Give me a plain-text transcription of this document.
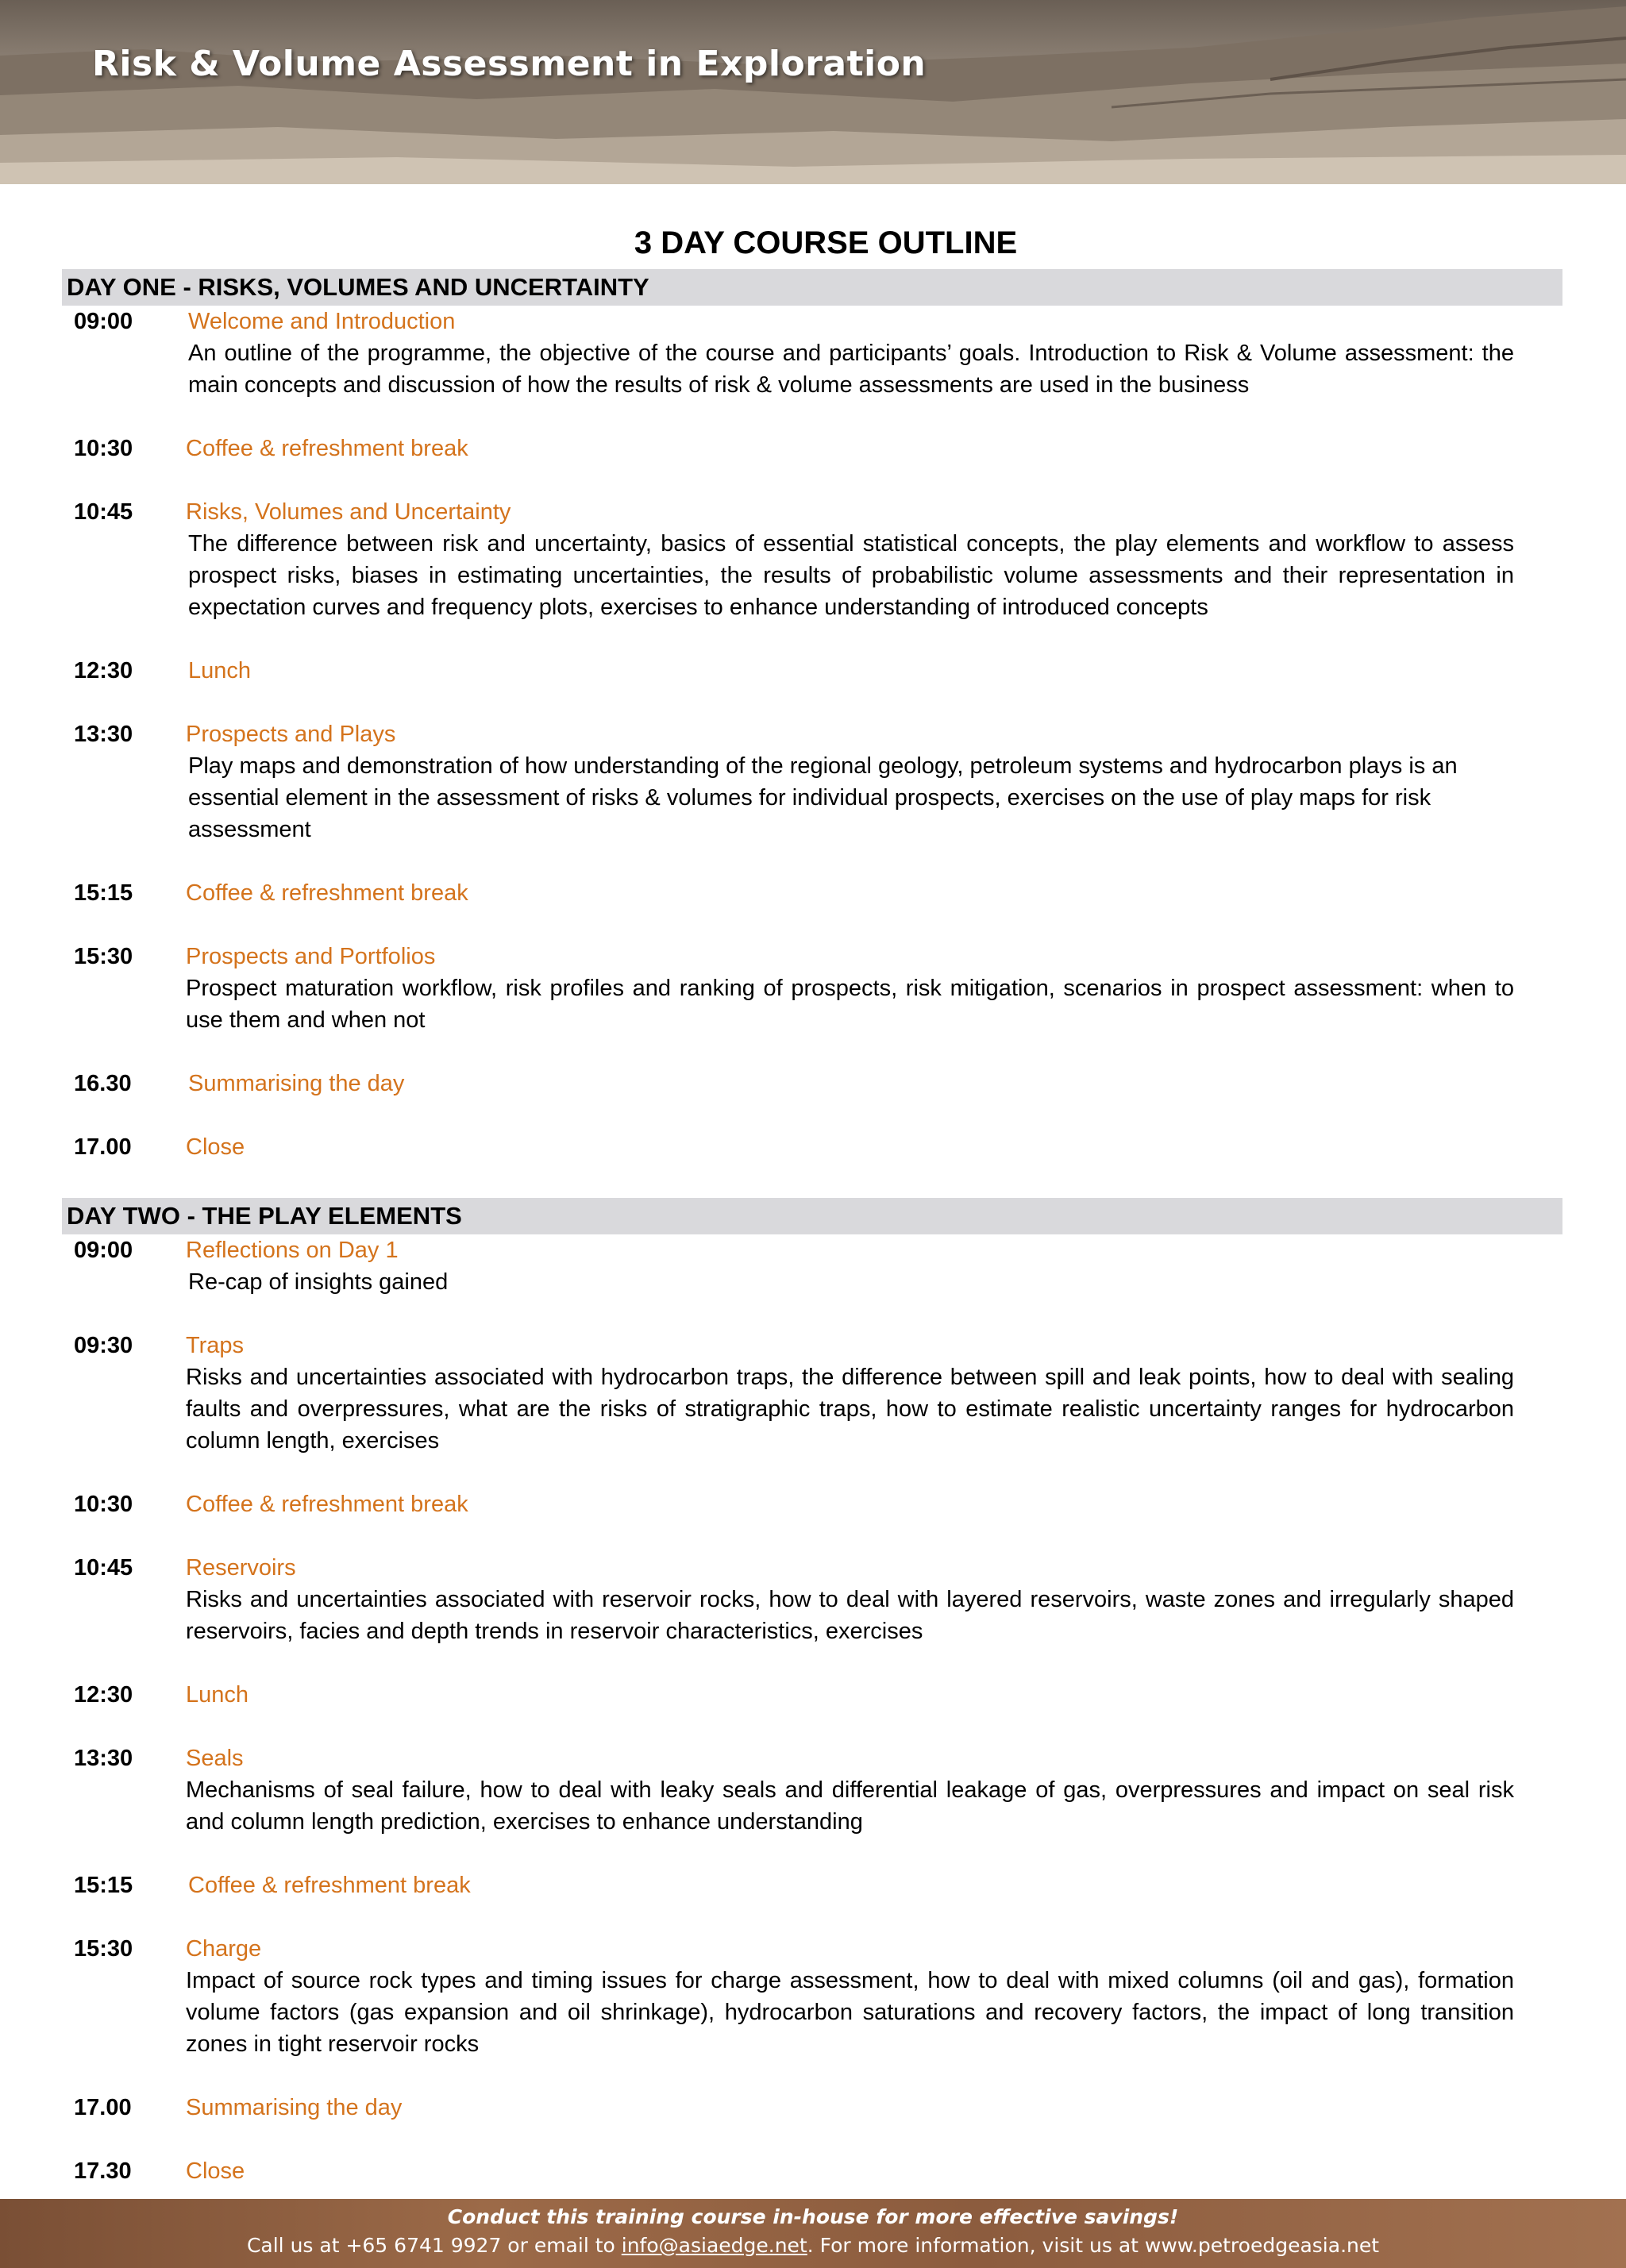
Risk & Volume Assessment in Exploration
3 DAY COURSE OUTLINE
DAY ONE - RISKS, VOLUMES AND UNCERTAINTY
09:00 Welcome and Introduction
An outline of the programme, the objective of the course and participants’ goals. Introduction to Risk & Volume assessment: the main concepts and discussion of how the results of risk & volume assessments are used in the business
10:30 Coffee & refreshment break
10:45 Risks, Volumes and Uncertainty
The difference between risk and uncertainty, basics of essential statistical concepts, the play elements and workflow to assess prospect risks, biases in estimating uncertainties, the results of probabilistic volume assessments and their representation in expectation curves and frequency plots, exercises to enhance understanding of introduced concepts
12:30 Lunch
13:30 Prospects and Plays
Play maps and demonstration of how understanding of the regional geology, petroleum systems and hydrocarbon plays is an essential element in the assessment of risks & volumes for individual prospects, exercises on the use of play maps for risk assessment
15:15 Coffee & refreshment break
15:30 Prospects and Portfolios
Prospect maturation workflow, risk profiles and ranking of prospects, risk mitigation, scenarios in prospect assessment: when to use them and when not
16.30 Summarising the day
17.00 Close
DAY TWO - THE PLAY ELEMENTS
09:00 Reflections on Day 1
Re-cap of insights gained
09:30 Traps
Risks and uncertainties associated with hydrocarbon traps, the difference between spill and leak points, how to deal with sealing faults and overpressures, what are the risks of stratigraphic traps, how to estimate realistic uncertainty ranges for hydrocarbon column length, exercises
10:30 Coffee & refreshment break
10:45 Reservoirs
Risks and uncertainties associated with reservoir rocks, how to deal with layered reservoirs, waste zones and irregularly shaped reservoirs, facies and depth trends in reservoir characteristics, exercises
12:30 Lunch
13:30 Seals
Mechanisms of seal failure, how to deal with leaky seals and differential leakage of gas, overpressures and impact on seal risk and column length prediction, exercises to enhance understanding
15:15 Coffee & refreshment break
15:30 Charge
Impact of source rock types and timing issues for charge assessment, how to deal with mixed columns (oil and gas), formation volume factors (gas expansion and oil shrinkage), hydrocarbon saturations and recovery factors, the impact of long transition zones in tight reservoir rocks
17.00 Summarising the day
17.30 Close
Conduct this training course in-house for more effective savings!
Call us at +65 6741 9927 or email to info@asiaedge.net. For more information, visit us at www.petroedgeasia.net
